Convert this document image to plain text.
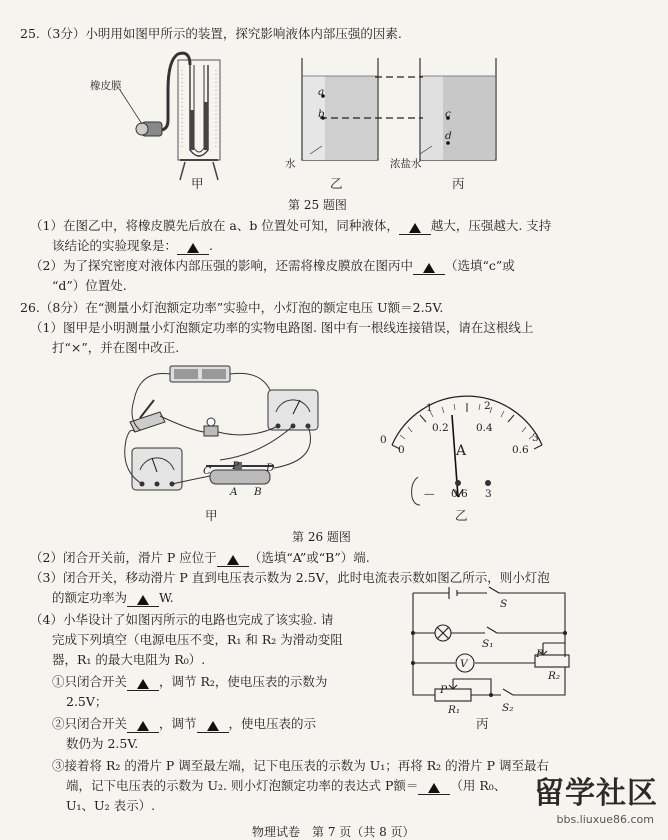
25.（3分）小明用如图甲所示的装置，探究影响液体内部压强的因素.
橡皮膜
甲
a
b	c
d
水	浓盐水
乙	丙
第 25 题图
（1）在图乙中，将橡皮膜先后放在 a、b 位置处可知，同种液体，	越大，压强越大. 支持
该结论的实验现象是：	.
（2）为了探究密度对液体内部压强的影响，还需将橡皮膜放在图丙中	（选填“c”或
“d”）位置处.
26.（8分）在“测量小灯泡额定功率”实验中，小灯泡的额定电压 U额＝2.5V.
（1）图甲是小明测量小灯泡额定功率的实物电路图. 图中有一根线连接错误，请在这根线上
打“×”，并在图中改正.
C P	D
A B
甲
0
1	2
3
0
0.2	0.4
0.6
A
— 0.6 3
乙
第 26 题图
（2）闭合开关前，滑片 P 应位于	（选填“A”或“B”）端.
（3）闭合开关，移动滑片 P 直到电压表示数为 2.5V，此时电流表示数如图乙所示，则小灯泡
的额定功率为	W.
（4）小华设计了如图丙所示的电路也完成了该实验. 请
完成下列填空（电源电压不变，R₁ 和 R₂ 为滑动变阻
器，R₁ 的最大电阻为 R₀）.
①只闭合开关	，调节 R₂，使电压表的示数为
2.5V；
②只闭合开关	，调节	，使电压表的示
数仍为 2.5V.
③接着将 R₂ 的滑片 P 调至最左端，记下电压表的示数为 U₁；再将 R₂ 的滑片 P 调至最右
端，记下电压表的示数为 U₂. 则小灯泡额定功率的表达式 P额＝	（用 R₀、
U₁、U₂ 表示）.
S
S₁
V
P
R₂
P
R₁	S₂
丙
物理试卷　第 7 页（共 8 页）
留学社区
bbs.liuxue86.com
